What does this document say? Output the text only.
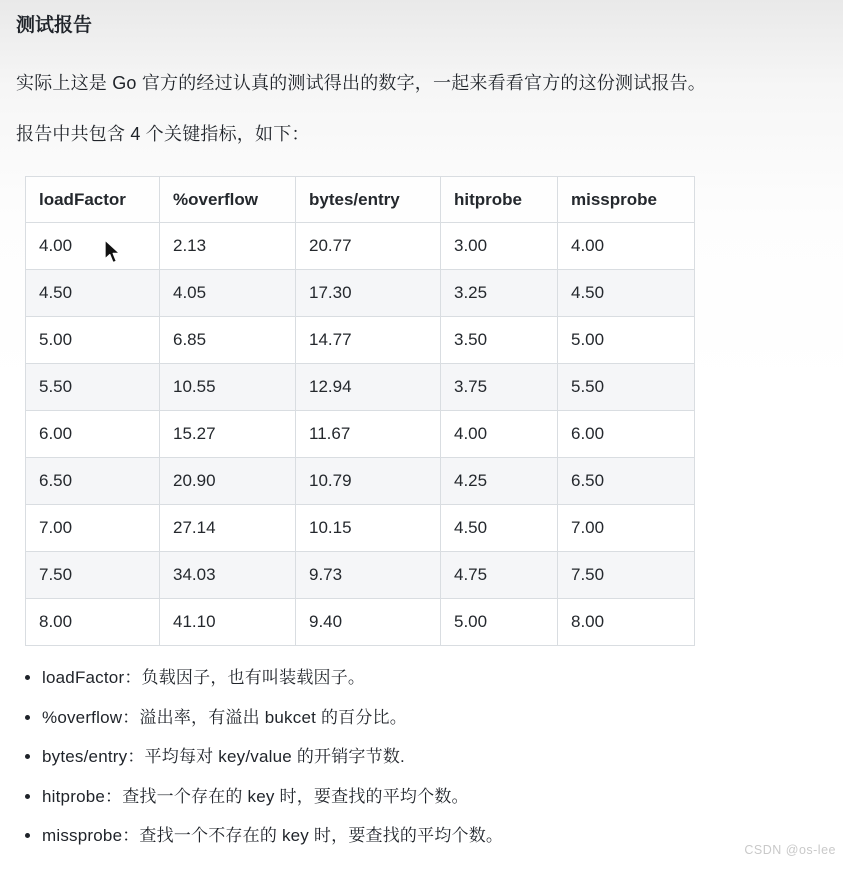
测试报告

实际上这是 Go 官方的经过认真的测试得出的数字，一起来看看官方的这份测试报告。

报告中共包含 4 个关键指标，如下：

loadFactor	%overflow	bytes/entry	hitprobe	missprobe
4.00	2.13	20.77	3.00	4.00
4.50	4.05	17.30	3.25	4.50
5.00	6.85	14.77	3.50	5.00
5.50	10.55	12.94	3.75	5.50
6.00	15.27	11.67	4.00	6.00
6.50	20.90	10.79	4.25	6.50
7.00	27.14	10.15	4.50	7.00
7.50	34.03	9.73	4.75	7.50
8.00	41.10	9.40	5.00	8.00
• loadFactor：负载因子，也有叫装载因子。
• %overflow：溢出率，有溢出 bukcet 的百分比。
• bytes/entry：平均每对 key/value 的开销字节数.
• hitprobe：查找一个存在的 key 时，要查找的平均个数。
• missprobe：查找一个不存在的 key 时，要查找的平均个数。
CSDN @os-lee
